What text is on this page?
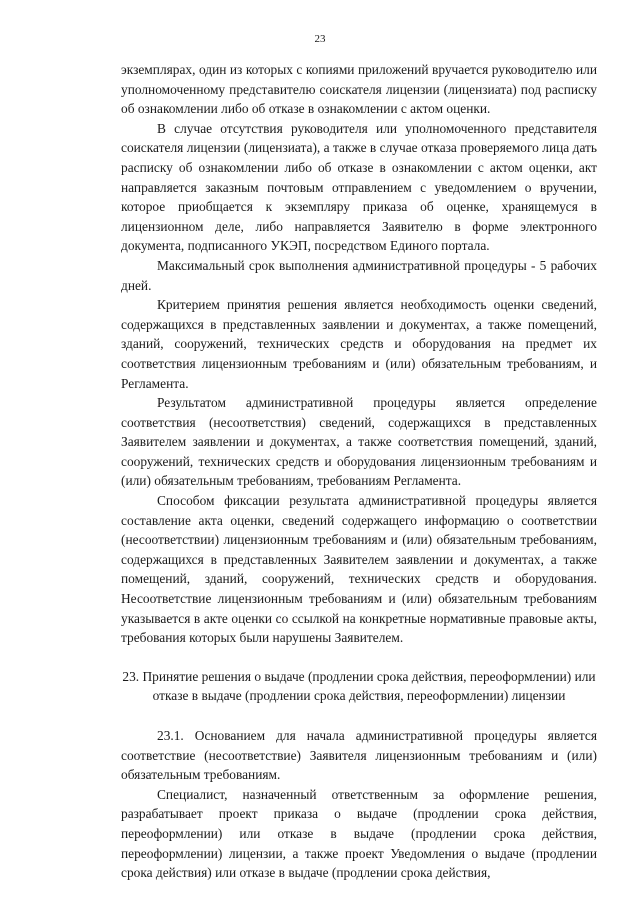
23

экземплярах, один из которых с копиями приложений вручается руководителю или уполномоченному представителю соискателя лицензии (лицензиата) под расписку об ознакомлении либо об отказе в ознакомлении с актом оценки.

В случае отсутствия руководителя или уполномоченного представителя соискателя лицензии (лицензиата), а также в случае отказа проверяемого лица дать расписку об ознакомлении либо об отказе в ознакомлении с актом оценки, акт направляется заказным почтовым отправлением с уведомлением о вручении, которое приобщается к экземпляру приказа об оценке, хранящемуся в лицензионном деле, либо направляется Заявителю в форме электронного документа, подписанного УКЭП, посредством Единого портала.

Максимальный срок выполнения административной процедуры - 5 рабочих дней.

Критерием принятия решения является необходимость оценки сведений, содержащихся в представленных заявлении и документах, а также помещений, зданий, сооружений, технических средств и оборудования на предмет их соответствия лицензионным требованиям и (или) обязательным требованиям, и Регламента.

Результатом административной процедуры является определение соответствия (несоответствия) сведений, содержащихся в представленных Заявителем заявлении и документах, а также соответствия помещений, зданий, сооружений, технических средств и оборудования лицензионным требованиям и (или) обязательным требованиям, требованиям Регламента.

Способом фиксации результата административной процедуры является составление акта оценки, сведений содержащего информацию о соответствии (несоответствии) лицензионным требованиям и (или) обязательным требованиям, содержащихся в представленных Заявителем заявлении и документах, а также помещений, зданий, сооружений, технических средств и оборудования. Несоответствие лицензионным требованиям и (или) обязательным требованиям указывается в акте оценки со ссылкой на конкретные нормативные правовые акты, требования которых были нарушены Заявителем.

23. Принятие решения о выдаче (продлении срока действия, переоформлении) или отказе в выдаче (продлении срока действия, переоформлении) лицензии

23.1. Основанием для начала административной процедуры является соответствие (несоответствие) Заявителя лицензионным требованиям и (или) обязательным требованиям.

Специалист, назначенный ответственным за оформление решения, разрабатывает проект приказа о выдаче (продлении срока действия, переоформлении) или отказе в выдаче (продлении срока действия, переоформлении) лицензии, а также проект Уведомления о выдаче (продлении срока действия) или отказе в выдаче (продлении срока действия,
